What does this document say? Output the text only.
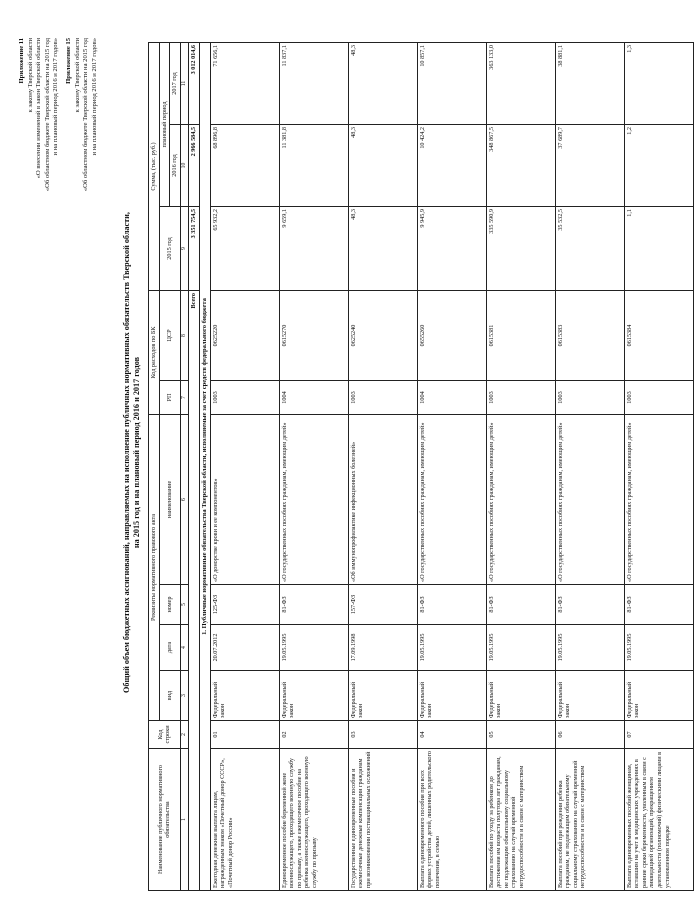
Приложение 11 к закону Тверской области «О внесении изменений в закон Тверской области «Об областном бюджете Тверской области на 2015 год и на плановый период 2016 и 2017 годов» Приложение 15 к закону Тверской области «Об областном бюджете Тверской области на 2015 год и на плановый период 2016 и 2017 годов»
Общий объем бюджетных ассигнований, направляемых на исполнение публичных нормативных обязательств Тверской области, на 2015 год и на плановый период 2016 и 2017 годов
Наименование публичного нормативного обязательства	Код строки	Реквизиты нормативного правового акта				Код расходов по БК		Сумма, (тыс. руб.)		
		вид	дата	номер	наименование	РП	ЦСР	2015 год	плановый период	
									2016 год	2017 год
1	2	3	4	5	6	7	8	9	10	11
Всего								3 351 754,5	2 966 584,5	3 012 014,6
1. Публичные нормативные обязательства Тверской области, исполняемые за счет средств федерального бюджета										
Ежегодная денежная выплата лицам, награжденным знаком «Почетный донор СССР», «Почетный донор России»	01	Федеральный закон	20.07.2012	125-ФЗ	«О донорстве крови и ее компонентов»	1003	0625220	65 932,2	68 896,8	71 656,1
Единовременное пособие беременной жене военнослужащего, проходящего военную службу по призыву, а также ежемесячное пособие на ребенка военнослужащего, проходящего военную службу по призыву	02	Федеральный закон	19.05.1995	81-ФЗ	«О государственных пособиях гражданам, имеющим детей»	1004	0615270	9 659,1	11 381,8	11 837,1
Государственные единовременные пособия и ежемесячные денежные компенсации гражданам при возникновении поствакцинальных осложнений	03	Федеральный закон	17.09.1998	157-ФЗ	«Об иммунопрофилактике инфекционных болезней»	1003	0625240	48,3	48,3	48,3
Выплата единовременного пособия при всех формах устройства детей, лишенных родительского попечения, в семью	04	Федеральный закон	19.05.1995	81-ФЗ	«О государственных пособиях гражданам, имеющим детей»	1004	0655260	9 945,9	10 424,2	10 857,1
Выплата пособий по уходу за ребенком до достижения им возраста полутора лет гражданам, не подлежащим обязательному социальному страхованию на случай временной нетрудоспособности и в связи с материнством	05	Федеральный закон	19.05.1995	81-ФЗ	«О государственных пособиях гражданам, имеющим детей»	1003	0615381	335 590,9	348 867,5	363 133,0
Выплата пособий при рождении ребенка гражданам, не подлежащим обязательному социальному страхованию на случай временной нетрудоспособности и в связи с материнством	06	Федеральный закон	19.05.1995	81-ФЗ	«О государственных пособиях гражданам, имеющим детей»	1003	0615383	35 532,5	37 689,7	38 881,1
Выплата единовременных пособий женщинам, вставшим на учет в медицинских учреждениях в ранние сроки беременности, уволенным в связи с ликвидацией организаций, прекращением деятельности (полномочий) физическими лицами в установленном порядке	07	Федеральный закон	19.05.1995	81-ФЗ	«О государственных пособиях гражданам, имеющим детей»	1003	0615384	1,1	1,2	1,3
